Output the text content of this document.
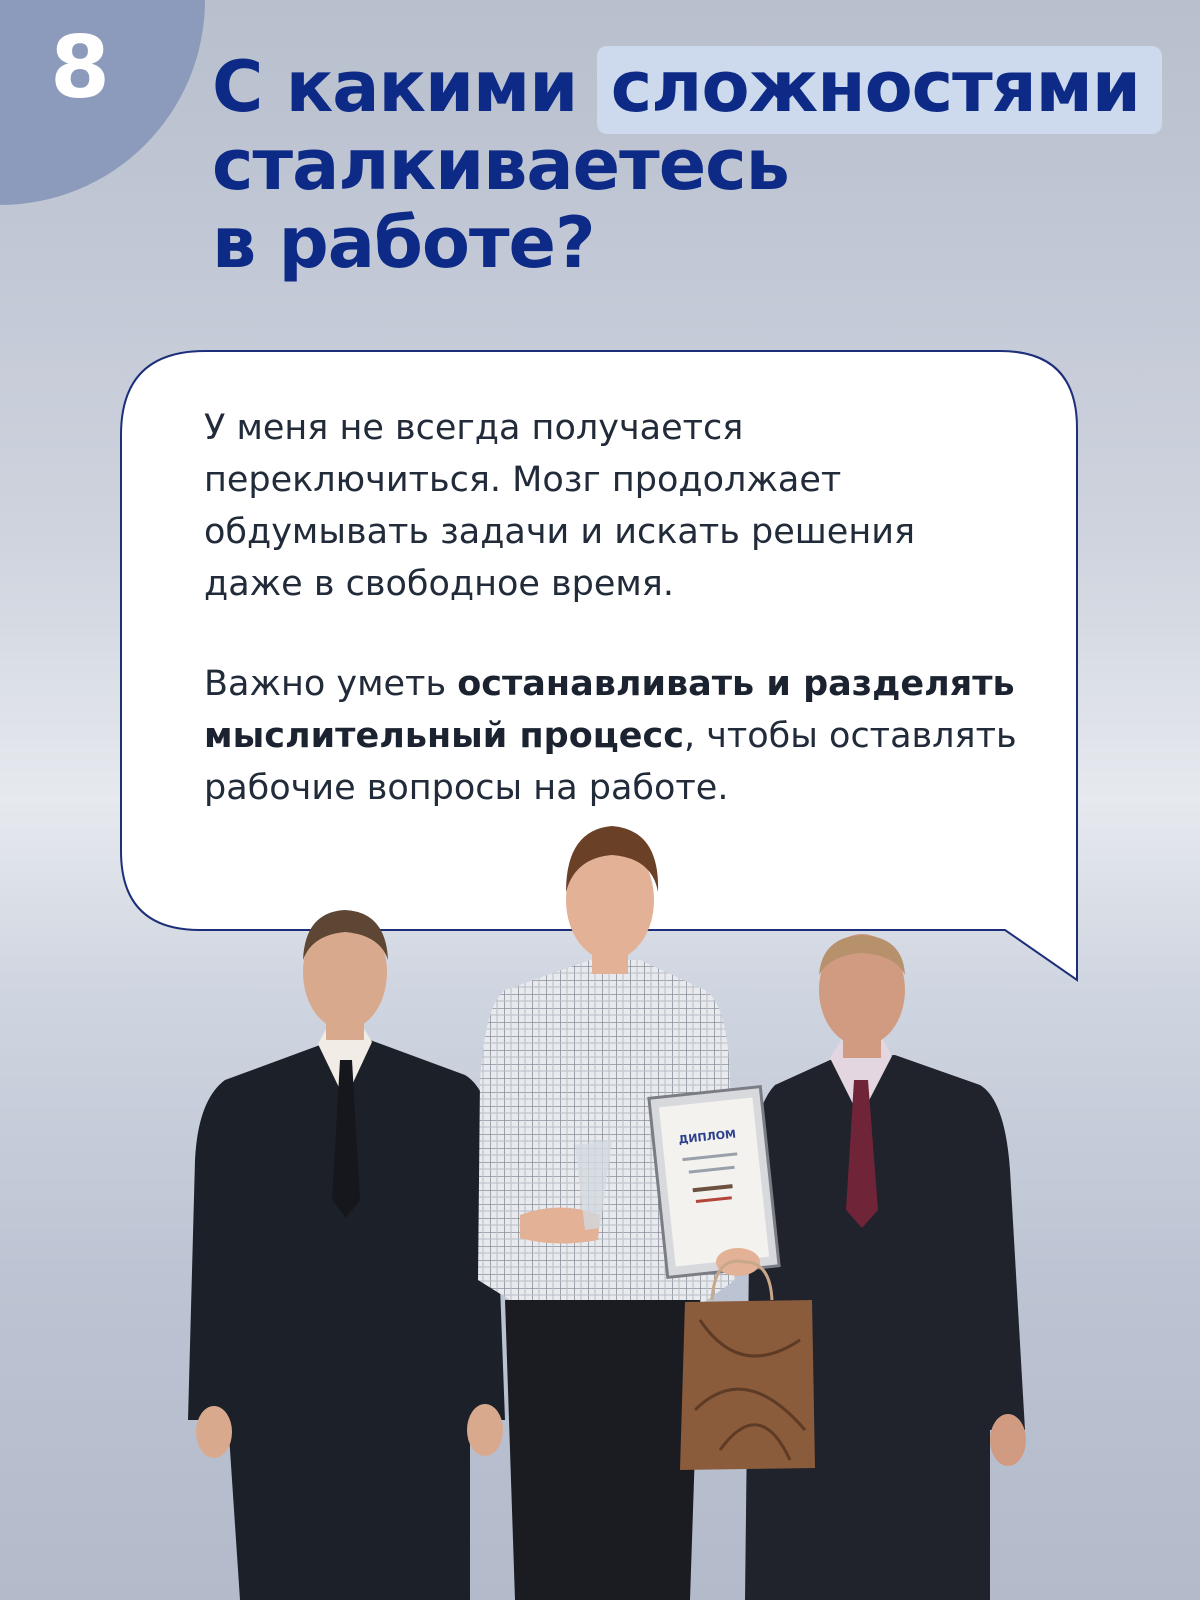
8 С какими сложностями
сталкиваетесь
в работе?

У меня не всегда получается переключиться. Мозг продолжает обдумывать задачи и искать решения даже в свободное время.

Важно уметь останавливать и разделять мыслительный процесс, чтобы оставлять рабочие вопросы на работе.

ДИПЛОМ
